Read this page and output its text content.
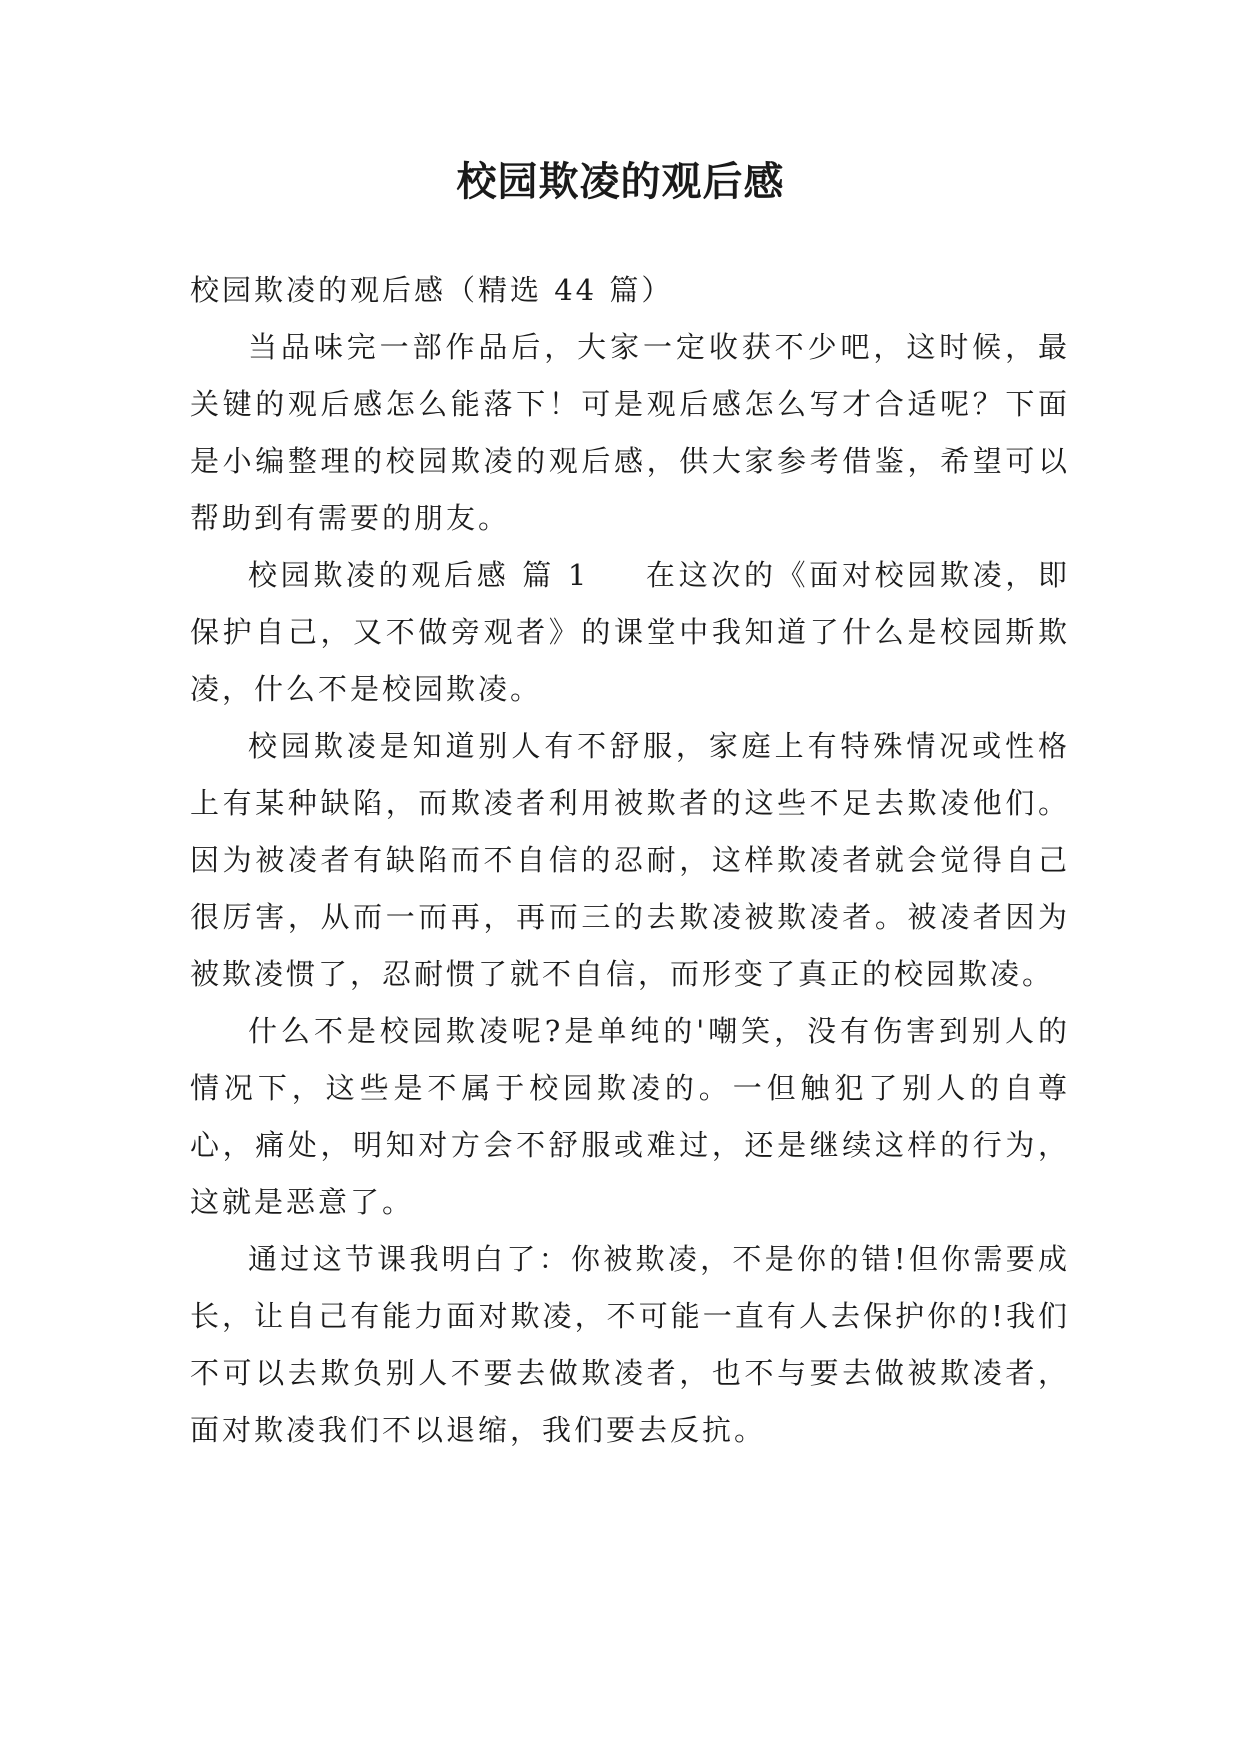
校园欺凌的观后感

校园欺凌的观后感（精选 44 篇）

当品味完一部作品后，大家一定收获不少吧，这时候，最关键的观后感怎么能落下！可是观后感怎么写才合适呢？下面是小编整理的校园欺凌的观后感，供大家参考借鉴，希望可以帮助到有需要的朋友。

校园欺凌的观后感 篇 1 在这次的《面对校园欺凌，即保护自己，又不做旁观者》的课堂中我知道了什么是校园斯欺凌，什么不是校园欺凌。

校园欺凌是知道别人有不舒服，家庭上有特殊情况或性格上有某种缺陷，而欺凌者利用被欺者的这些不足去欺凌他们。因为被凌者有缺陷而不自信的忍耐，这样欺凌者就会觉得自己很厉害，从而一而再，再而三的去欺凌被欺凌者。被凌者因为被欺凌惯了，忍耐惯了就不自信，而形变了真正的校园欺凌。

什么不是校园欺凌呢?是单纯的'嘲笑，没有伤害到别人的情况下，这些是不属于校园欺凌的。一但触犯了别人的自尊心，痛处，明知对方会不舒服或难过，还是继续这样的行为，这就是恶意了。

通过这节课我明白了：你被欺凌，不是你的错!但你需要成长，让自己有能力面对欺凌，不可能一直有人去保护你的!我们不可以去欺负别人不要去做欺凌者，也不与要去做被欺凌者，面对欺凌我们不以退缩，我们要去反抗。
